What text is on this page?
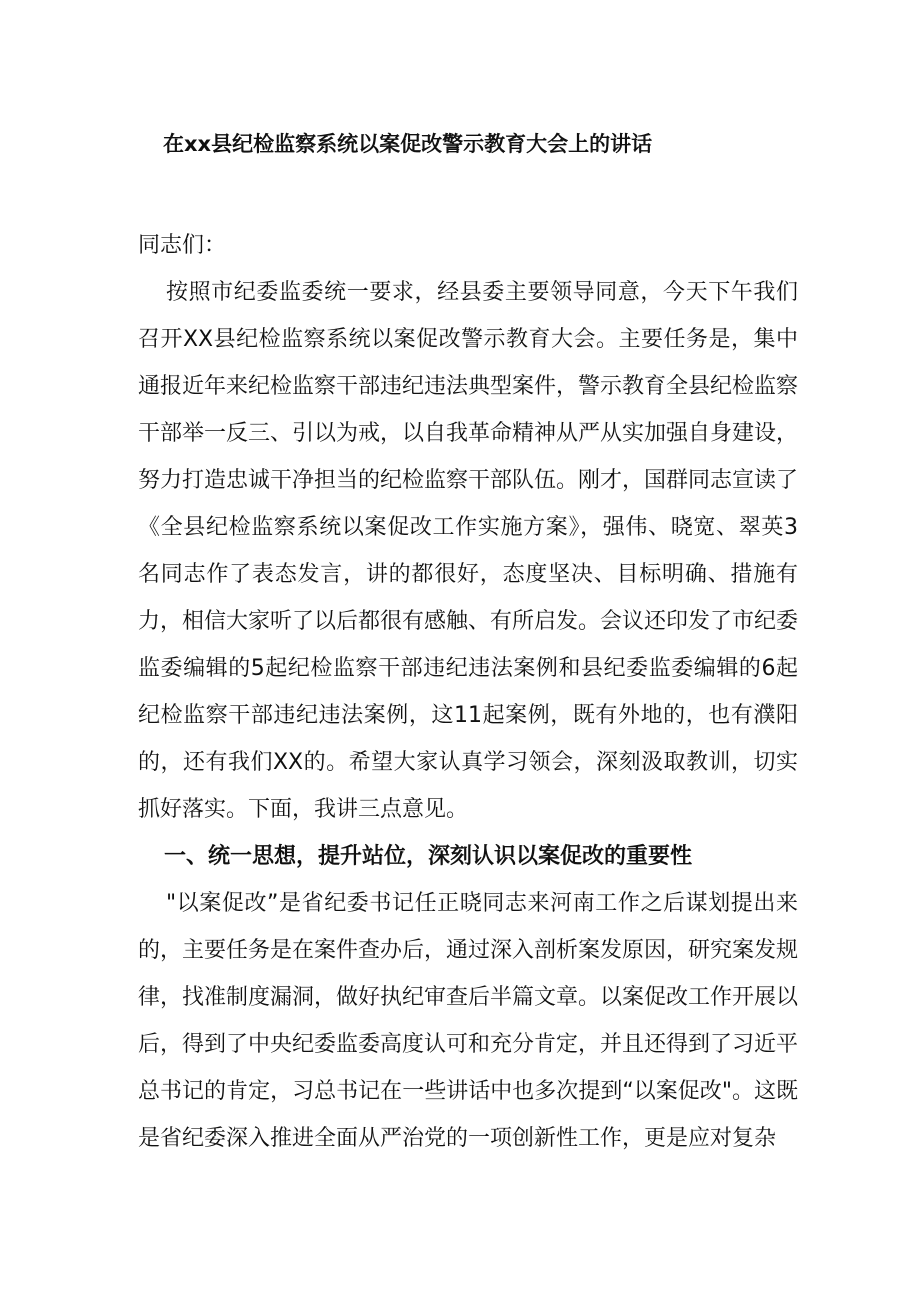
在xx县纪检监察系统以案促改警示教育大会上的讲话

同志们：

按照市纪委监委统一要求，经县委主要领导同意，今天下午我们召开XX县纪检监察系统以案促改警示教育大会。主要任务是，集中通报近年来纪检监察干部违纪违法典型案件，警示教育全县纪检监察干部举一反三、引以为戒，以自我革命精神从严从实加强自身建设，努力打造忠诚干净担当的纪检监察干部队伍。刚才，国群同志宣读了《全县纪检监察系统以案促改工作实施方案》，强伟、晓宽、翠英3名同志作了表态发言，讲的都很好，态度坚决、目标明确、措施有力，相信大家听了以后都很有感触、有所启发。会议还印发了市纪委监委编辑的5起纪检监察干部违纪违法案例和县纪委监委编辑的6起纪检监察干部违纪违法案例，这11起案例，既有外地的，也有濮阳的，还有我们XX的。希望大家认真学习领会，深刻汲取教训，切实抓好落实。下面，我讲三点意见。

一、统一思想，提升站位，深刻认识以案促改的重要性

"以案促改”是省纪委书记任正晓同志来河南工作之后谋划提出来的，主要任务是在案件查办后，通过深入剖析案发原因，研究案发规律，找准制度漏洞，做好执纪审查后半篇文章。以案促改工作开展以后，得到了中央纪委监委高度认可和充分肯定，并且还得到了习近平总书记的肯定，习总书记在一些讲话中也多次提到“以案促改"。这既是省纪委深入推进全面从严治党的一项创新性工作，更是应对复杂
